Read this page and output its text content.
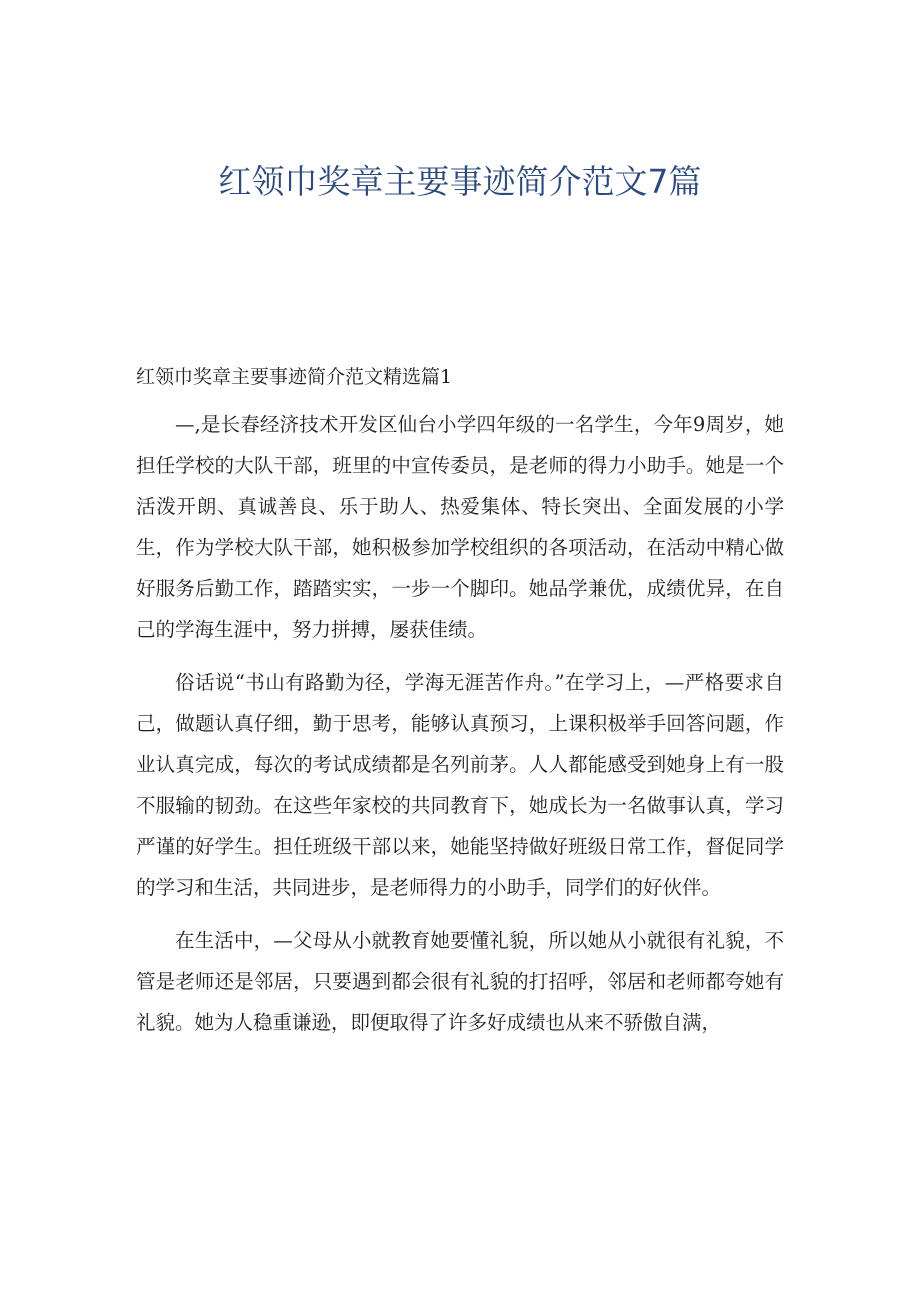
红领巾奖章主要事迹简介范文7篇
红领巾奖章主要事迹简介范文精选篇1

—,是长春经济技术开发区仙台小学四年级的一名学生，今年9周岁，她担任学校的大队干部，班里的中宣传委员，是老师的得力小助手。她是一个活泼开朗、真诚善良、乐于助人、热爱集体、特长突出、全面发展的小学生，作为学校大队干部，她积极参加学校组织的各项活动，在活动中精心做好服务后勤工作，踏踏实实，一步一个脚印。她品学兼优，成绩优异，在自己的学海生涯中，努力拼搏，屡获佳绩。

俗话说“书山有路勤为径，学海无涯苦作舟。”在学习上，—严格要求自己，做题认真仔细，勤于思考，能够认真预习，上课积极举手回答问题，作业认真完成，每次的考试成绩都是名列前茅。人人都能感受到她身上有一股不服输的韧劲。在这些年家校的共同教育下，她成长为一名做事认真，学习严谨的好学生。担任班级干部以来，她能坚持做好班级日常工作，督促同学的学习和生活，共同进步，是老师得力的小助手，同学们的好伙伴。

在生活中，—父母从小就教育她要懂礼貌，所以她从小就很有礼貌，不管是老师还是邻居，只要遇到都会很有礼貌的打招呼，邻居和老师都夸她有礼貌。她为人稳重谦逊，即便取得了许多好成绩也从来不骄傲自满，
